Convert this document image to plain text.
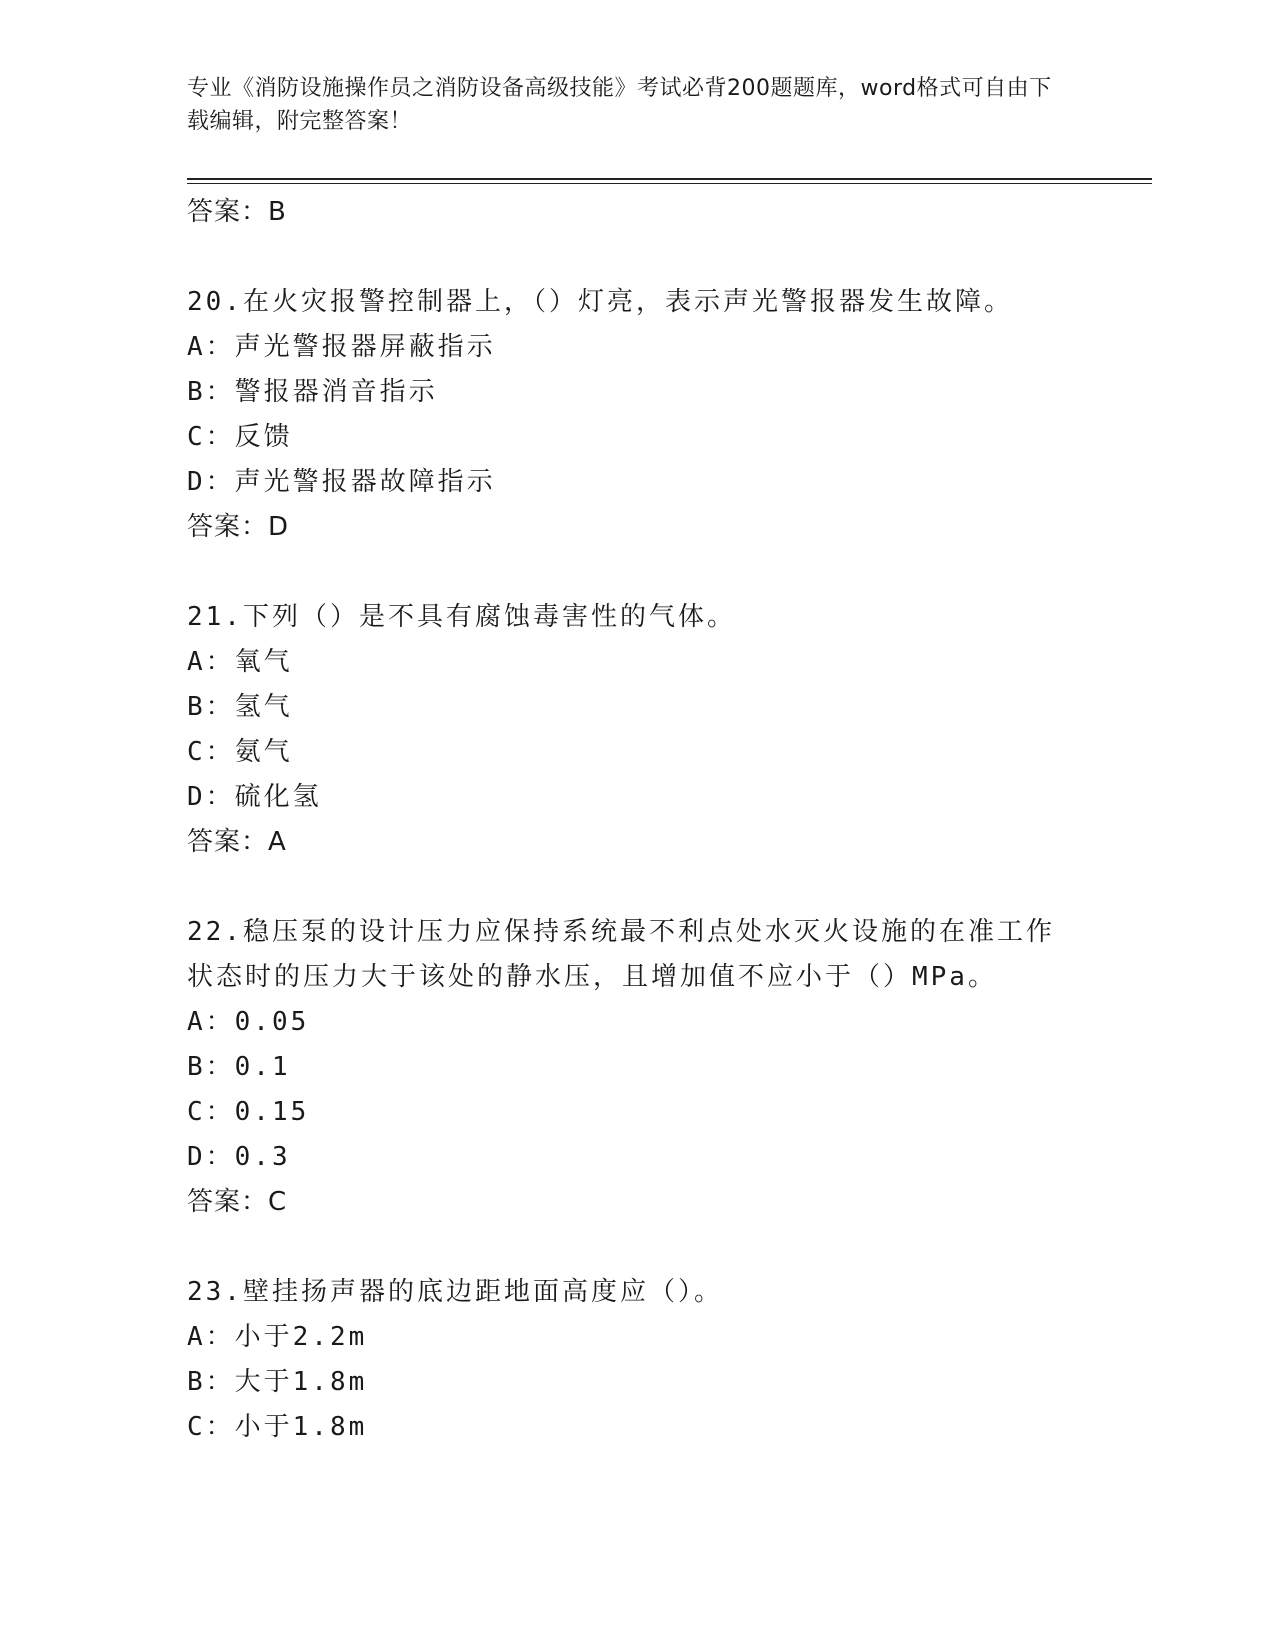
专业《消防设施操作员之消防设备高级技能》考试必背200题题库，word格式可自由下载编辑，附完整答案！
答案：B
20.在火灾报警控制器上，（）灯亮，表示声光警报器发生故障。
A：声光警报器屏蔽指示
B：警报器消音指示
C：反馈
D：声光警报器故障指示
答案：D
21.下列（）是不具有腐蚀毒害性的气体。
A：氧气
B：氢气
C：氨气
D：硫化氢
答案：A
22.稳压泵的设计压力应保持系统最不利点处水灭火设施的在准工作状态时的压力大于该处的静水压，且增加值不应小于（）MPa。
A：0.05
B：0.1
C：0.15
D：0.3
答案：C
23.壁挂扬声器的底边距地面高度应（）。
A：小于2.2m
B：大于1.8m
C：小于1.8m
